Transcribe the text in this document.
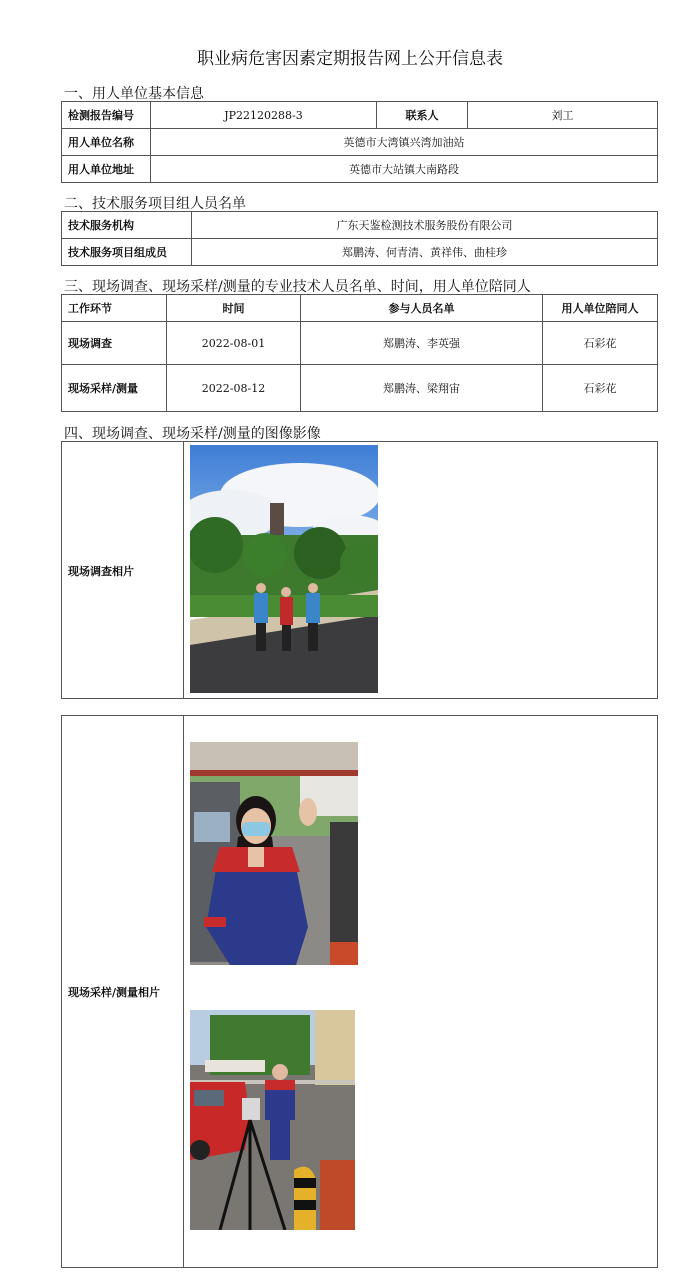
职业病危害因素定期报告网上公开信息表
一、用人单位基本信息
检测报告编号	JP22120288-3	联系人	刘工
用人单位名称	英德市大湾镇兴湾加油站		
用人单位地址	英德市大站镇大南路段		
二、技术服务项目组人员名单
技术服务机构	广东天鉴检测技术服务股份有限公司
技术服务项目组成员	郑鹏涛、何青清、黄祥伟、曲桂珍
三、现场调查、现场采样/测量的专业技术人员名单、时间，用人单位陪同人
工作环节	时间	参与人员名单	用人单位陪同人
现场调查	2022-08-01	郑鹏涛、李英强	石彩花
现场采样/测量	2022-08-12	郑鹏涛、梁翔宙	石彩花
四、现场调查、现场采样/测量的图像影像
现场调查相片
现场采样/测量相片
